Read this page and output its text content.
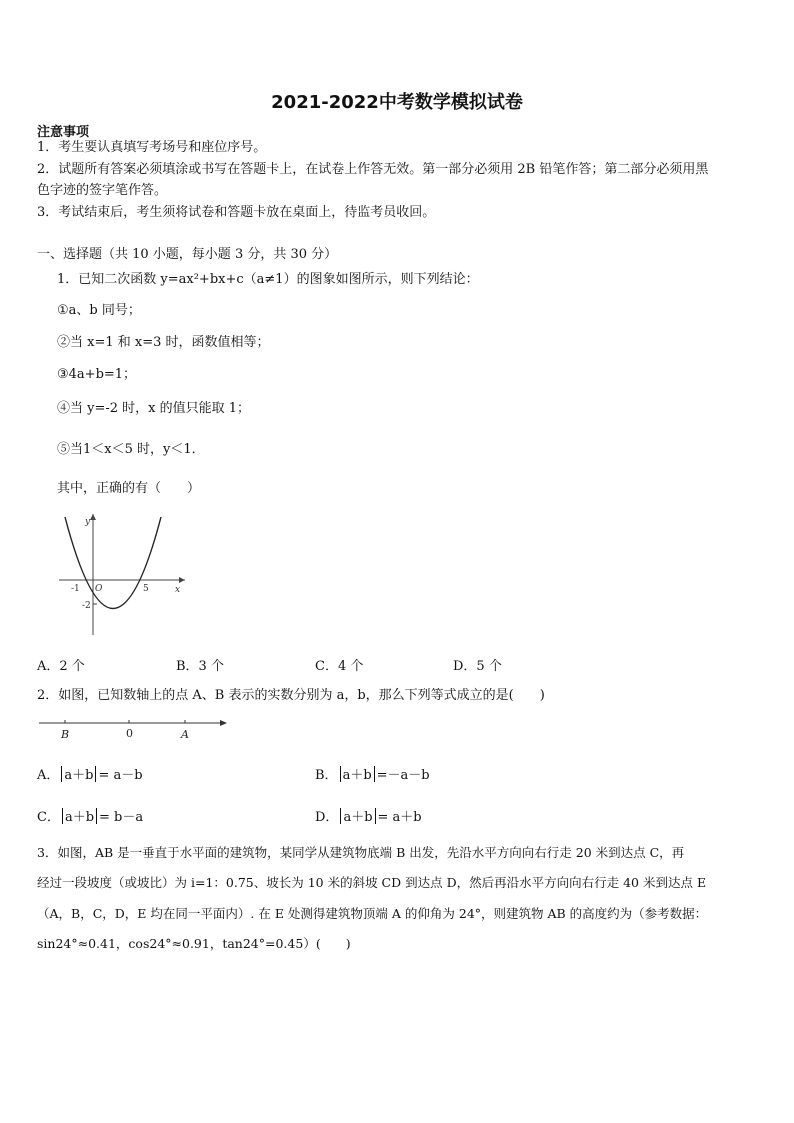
2021-2022中考数学模拟试卷
注意事项
1．考生要认真填写考场号和座位序号。
2．试题所有答案必须填涂或书写在答题卡上，在试卷上作答无效。第一部分必须用 2B 铅笔作答；第二部分必须用黑
色字迹的签字笔作答。
3．考试结束后，考生须将试卷和答题卡放在桌面上，待监考员收回。
一、选择题（共 10 小题，每小题 3 分，共 30 分）
1．已知二次函数 y=ax²+bx+c（a≠1）的图象如图所示，则下列结论：
①a、b 同号；
②当 x=1 和 x=3 时，函数值相等；
③4a+b=1；
④当 y=-2 时，x 的值只能取 1；
⑤当1＜x＜5 时，y＜1．
其中，正确的有（　　）
y
x
O
-1	5
-2
A．2 个	B．3 个	C．4 个	D．5 个
2．如图，已知数轴上的点 A、B 表示的实数分别为 a，b，那么下列等式成立的是(　　)
B	0	A
A． a＋b = a－b	B． a＋b =－a－b
C． a＋b = b－a	D． a＋b = a＋b
3．如图，AB 是一垂直于水平面的建筑物，某同学从建筑物底端 B 出发，先沿水平方向向右行走 20 米到达点 C，再
经过一段坡度（或坡比）为 i=1：0.75、坡长为 10 米的斜坡 CD 到达点 D，然后再沿水平方向向右行走 40 米到达点 E
（A，B，C，D，E 均在同一平面内）. 在 E 处测得建筑物顶端 A 的仰角为 24°，则建筑物 AB 的高度约为（参考数据：
sin24°≈0.41，cos24°≈0.91，tan24°=0.45）(　　)
